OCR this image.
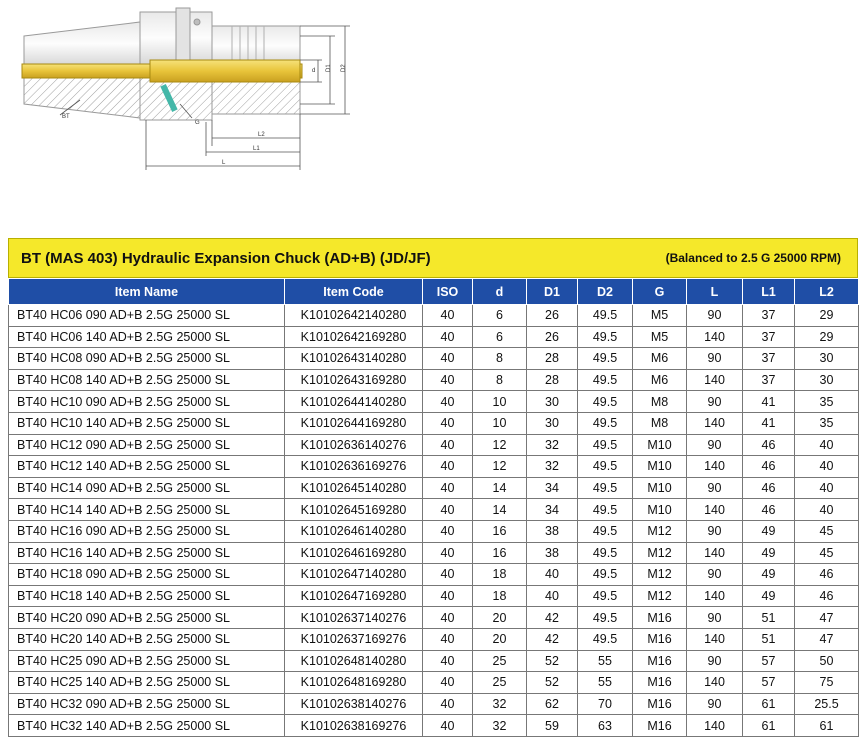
BT
G
d D1 D2
L2
L1
L
BT (MAS 403) Hydraulic Expansion Chuck (AD+B) (JD/JF)	(Balanced to 2.5 G 25000 RPM)
Item Name	Item Code	ISO	d	D1	D2	G	L	L1	L2
BT40 HC06 090 AD+B 2.5G 25000 SL	K10102642140280	40	6	26	49.5	M5	90	37	29
BT40 HC06 140 AD+B 2.5G 25000 SL	K10102642169280	40	6	26	49.5	M5	140	37	29
BT40 HC08 090 AD+B 2.5G 25000 SL	K10102643140280	40	8	28	49.5	M6	90	37	30
BT40 HC08 140 AD+B 2.5G 25000 SL	K10102643169280	40	8	28	49.5	M6	140	37	30
BT40 HC10 090 AD+B 2.5G 25000 SL	K10102644140280	40	10	30	49.5	M8	90	41	35
BT40 HC10 140 AD+B 2.5G 25000 SL	K10102644169280	40	10	30	49.5	M8	140	41	35
BT40 HC12 090 AD+B 2.5G 25000 SL	K10102636140276	40	12	32	49.5	M10	90	46	40
BT40 HC12 140 AD+B 2.5G 25000 SL	K10102636169276	40	12	32	49.5	M10	140	46	40
BT40 HC14 090 AD+B 2.5G 25000 SL	K10102645140280	40	14	34	49.5	M10	90	46	40
BT40 HC14 140 AD+B 2.5G 25000 SL	K10102645169280	40	14	34	49.5	M10	140	46	40
BT40 HC16 090 AD+B 2.5G 25000 SL	K10102646140280	40	16	38	49.5	M12	90	49	45
BT40 HC16 140 AD+B 2.5G 25000 SL	K10102646169280	40	16	38	49.5	M12	140	49	45
BT40 HC18 090 AD+B 2.5G 25000 SL	K10102647140280	40	18	40	49.5	M12	90	49	46
BT40 HC18 140 AD+B 2.5G 25000 SL	K10102647169280	40	18	40	49.5	M12	140	49	46
BT40 HC20 090 AD+B 2.5G 25000 SL	K10102637140276	40	20	42	49.5	M16	90	51	47
BT40 HC20 140 AD+B 2.5G 25000 SL	K10102637169276	40	20	42	49.5	M16	140	51	47
BT40 HC25 090 AD+B 2.5G 25000 SL	K10102648140280	40	25	52	55	M16	90	57	50
BT40 HC25 140 AD+B 2.5G 25000 SL	K10102648169280	40	25	52	55	M16	140	57	75
BT40 HC32 090 AD+B 2.5G 25000 SL	K10102638140276	40	32	62	70	M16	90	61	25.5
BT40 HC32 140 AD+B 2.5G 25000 SL	K10102638169276	40	32	59	63	M16	140	61	61
